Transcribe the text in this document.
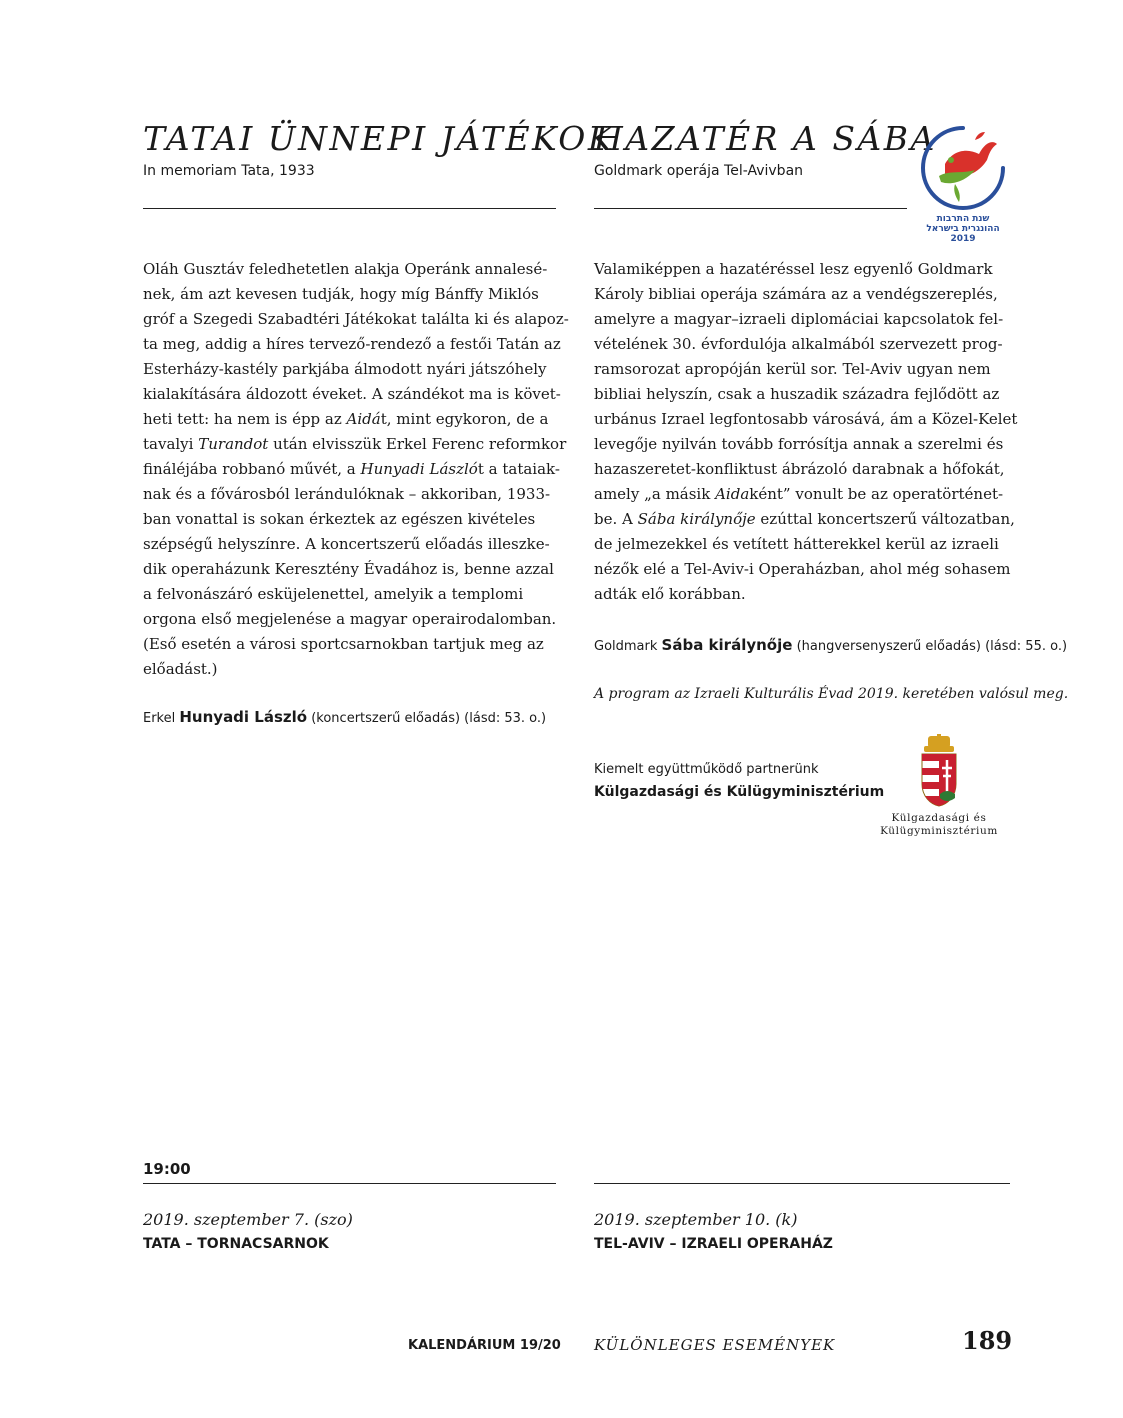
TATAI ÜNNEPI JÁTÉKOK

In memoriam Tata, 1933

Oláh Gusztáv feledhetetlen alakja Operánk annalesé-
nek, ám azt kevesen tudják, hogy míg Bánffy Miklós
gróf a Szegedi Szabadtéri Játékokat találta ki és alapoz-
ta meg, addig a híres tervező-rendező a festői Tatán az
Esterházy-kastély parkjába álmodott nyári játszóhely
kialakítására áldozott éveket. A szándékot ma is követ-
heti tett: ha nem is épp az Aidát, mint egykoron, de a
tavalyi Turandot után elvisszük Erkel Ferenc reformkor
fináléjába robbanó művét, a Hunyadi Lászlót a tataiak-
nak és a fővárosból lerándulóknak – akkoriban, 1933-
ban vonattal is sokan érkeztek az egészen kivételes
szépségű helyszínre. A koncertszerű előadás illeszke-
dik operaházunk Keresztény Évadához is, benne azzal
a felvonászáró esküjelenettel, amelyik a templomi
orgona első megjelenése a magyar operairodalomban.
(Eső esetén a városi sportcsarnokban tartjuk meg az
előadást.)

Erkel Hunyadi László (koncertszerű előadás) (lásd: 53. o.)
19:00
2019. szeptember 7. (szo)
TATA – TORNACSARNOK
HAZATÉR A SÁBA

Goldmark operája Tel-Avivban

שנת התרבות
ההונגרית בישראל
2019

Valamiképpen a hazatéréssel lesz egyenlő Goldmark
Károly bibliai operája számára az a vendégszereplés,
amelyre a magyar–izraeli diplomáciai kapcsolatok fel-
vételének 30. évfordulója alkalmából szervezett prog-
ramsorozat apropóján kerül sor. Tel-Aviv ugyan nem
bibliai helyszín, csak a huszadik századra fejlődött az
urbánus Izrael legfontosabb városává, ám a Közel-Kelet
levegője nyilván tovább forrósítja annak a szerelmi és
hazaszeretet-konfliktust ábrázoló darabnak a hőfokát,
amely „a másik Aidaként” vonult be az operatörténet-
be. A Sába királynője ezúttal koncertszerű változatban,
de jelmezekkel és vetített hátterekkel kerül az izraeli
nézők elé a Tel-Aviv-i Operaházban, ahol még sohasem
adták elő korábban.

Goldmark Sába királynője (hangversenyszerű előadás) (lásd: 55. o.)
A program az Izraeli Kulturális Évad 2019. keretében valósul meg.
Kiemelt együttműködő partnerünk
Külgazdasági és Külügyminisztérium
Külgazdasági és
Külügyminisztérium
2019. szeptember 10. (k)
TEL-AVIV – IZRAELI OPERAHÁZ
KALENDÁRIUM 19/20 KÜLÖNLEGES ESEMÉNYEK	189
